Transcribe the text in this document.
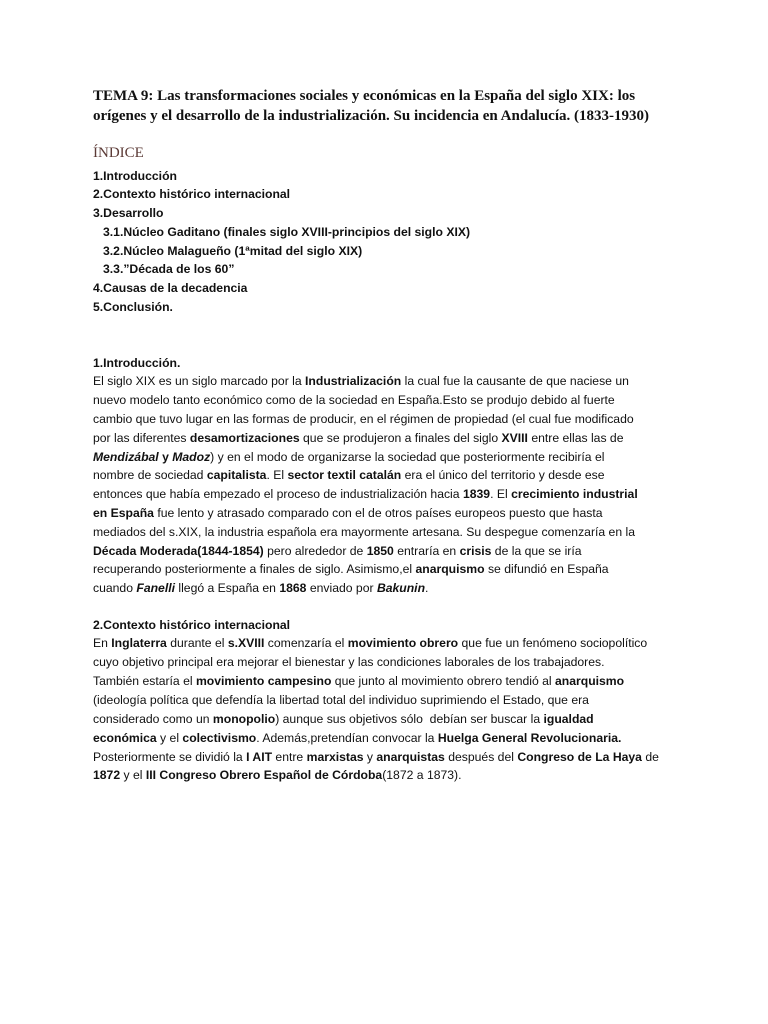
TEMA 9: Las transformaciones sociales y económicas en la España del siglo XIX: los
orígenes y el desarrollo de la industrialización. Su incidencia en Andalucía. (1833-1930)
ÍNDICE
1.Introducción
2.Contexto histórico internacional
3.Desarrollo
3.1.Núcleo Gaditano (finales siglo XVIII-principios del siglo XIX)
3.2.Núcleo Malagueño (1ªmitad del siglo XIX)
3.3.”Década de los 60”
4.Causas de la decadencia
5.Conclusión.
1.Introducción.
El siglo XIX es un siglo marcado por la Industrialización la cual fue la causante de que naciese un
nuevo modelo tanto económico como de la sociedad en España.Esto se produjo debido al fuerte
cambio que tuvo lugar en las formas de producir, en el régimen de propiedad (el cual fue modificado
por las diferentes desamortizaciones que se produjeron a finales del siglo XVIII entre ellas las de
Mendizábal y Madoz) y en el modo de organizarse la sociedad que posteriormente recibiría el
nombre de sociedad capitalista. El sector textil catalán era el único del territorio y desde ese
entonces que había empezado el proceso de industrialización hacia 1839. El crecimiento industrial
en España fue lento y atrasado comparado con el de otros países europeos puesto que hasta
mediados del s.XIX, la industria española era mayormente artesana. Su despegue comenzaría en la
Década Moderada(1844-1854) pero alrededor de 1850 entraría en crisis de la que se iría
recuperando posteriormente a finales de siglo. Asimismo,el anarquismo se difundió en España
cuando Fanelli llegó a España en 1868 enviado por Bakunin.
2.Contexto histórico internacional
En Inglaterra durante el s.XVIII comenzaría el movimiento obrero que fue un fenómeno sociopolítico
cuyo objetivo principal era mejorar el bienestar y las condiciones laborales de los trabajadores.
También estaría el movimiento campesino que junto al movimiento obrero tendió al anarquismo
(ideología política que defendía la libertad total del individuo suprimiendo el Estado, que era
considerado como un monopolio) aunque sus objetivos sólo  debían ser buscar la igualdad
económica y el colectivismo. Además,pretendían convocar la Huelga General Revolucionaria.
Posteriormente se dividió la I AIT entre marxistas y anarquistas después del Congreso de La Haya de
1872 y el III Congreso Obrero Español de Córdoba(1872 a 1873).
